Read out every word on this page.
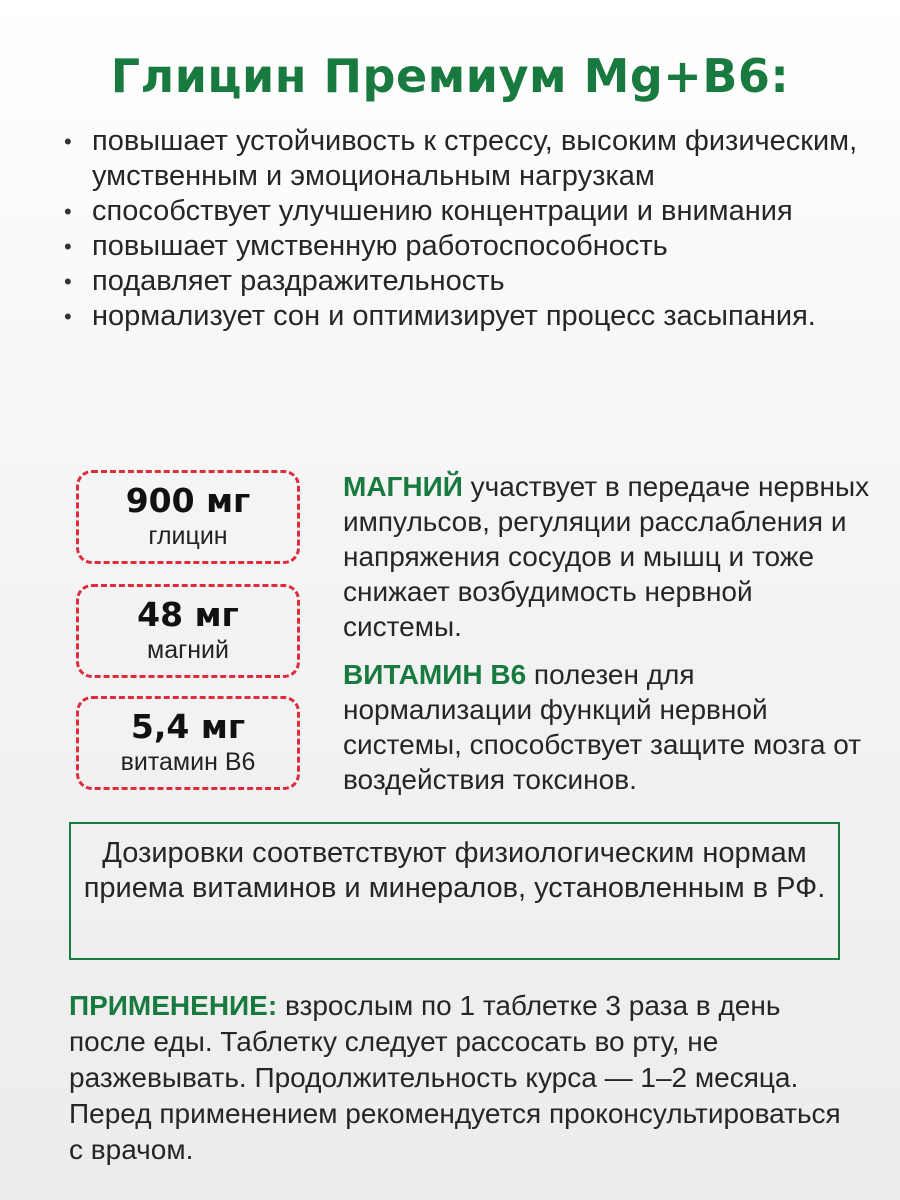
Глицин Премиум Mg+B6:
• повышает устойчивость к стрессу, высоким физическим, умственным и эмоциональным нагрузкам
• способствует улучшению концентрации и внимания
• повышает умственную работоспособность
• подавляет раздражительность
• нормализует сон и оптимизирует процесс засыпания.
900 мг
глицин
48 мг
магний
5,4 мг
витамин B6

МАГНИЙ участвует в передаче нервных импульсов, регуляции расслабления и напряжения сосудов и мышц и тоже снижает возбудимость нервной системы.

ВИТАМИН B6 полезен для нормализации функций нервной системы, способствует защите мозга от воздействия токсинов.

Дозировки соответствуют физиологическим нормам приема витаминов и минералов, установленным в РФ.

ПРИМЕНЕНИЕ: взрослым по 1 таблетке 3 раза в день после еды. Таблетку следует рассосать во рту, не разжевывать. Продолжительность курса — 1–2 месяца. Перед применением рекомендуется проконсультироваться с врачом.
